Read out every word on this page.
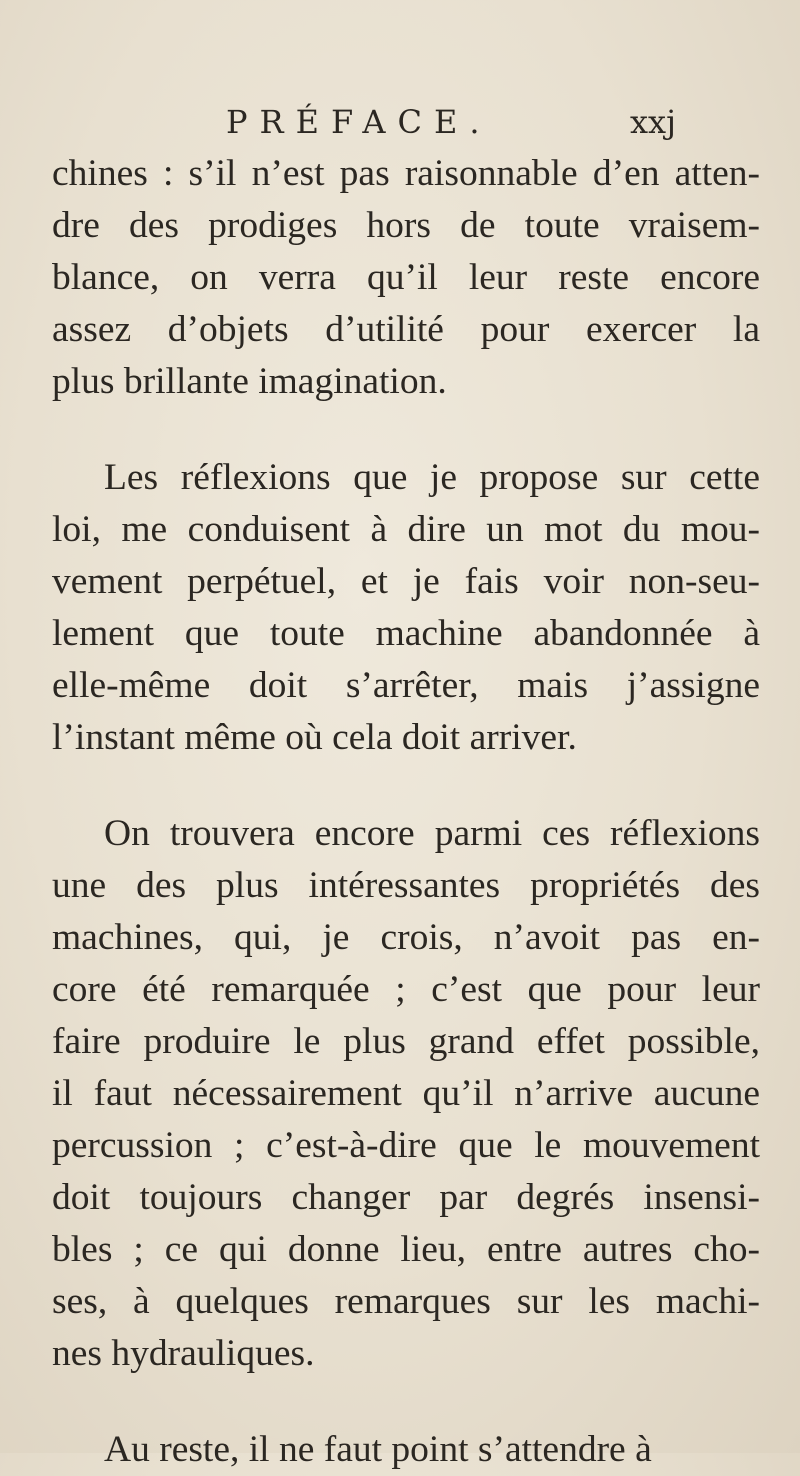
PRÉFACE.	xxj

chines : s’il n’est pas raisonnable d’en atten-
dre des prodiges hors de toute vraisem-
blance, on verra qu’il leur reste encore
assez d’objets d’utilité pour exercer la
plus brillante imagination.

Les réflexions que je propose sur cette
loi, me conduisent à dire un mot du mou-
vement perpétuel, et je fais voir non-seu-
lement que toute machine abandonnée à
elle-même doit s’arrêter, mais j’assigne
l’instant même où cela doit arriver.

On trouvera encore parmi ces réflexions
une des plus intéressantes propriétés des
machines, qui, je crois, n’avoit pas en-
core été remarquée ; c’est que pour leur
faire produire le plus grand effet possible,
il faut nécessairement qu’il n’arrive aucune
percussion ; c’est-à-dire que le mouvement
doit toujours changer par degrés insensi-
bles ; ce qui donne lieu, entre autres cho-
ses, à quelques remarques sur les machi-
nes hydrauliques.

Au reste, il ne faut point s’attendre à
